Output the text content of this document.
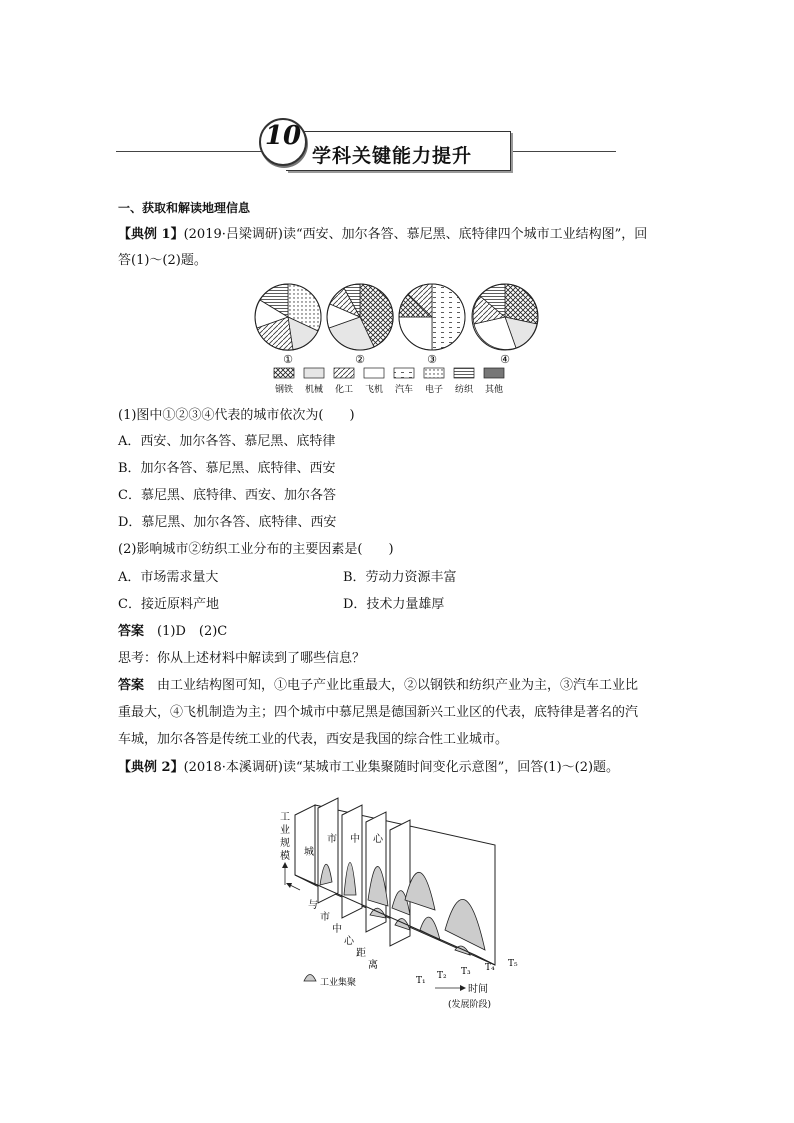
学科关键能力提升
10
一、获取和解读地理信息
【典例 1】(2019·吕梁调研)读“西安、加尔各答、慕尼黑、底特律四个城市工业结构图”，回
答(1)～(2)题。
①	②	③	④
钢铁 机械 化工 飞机 汽车 电子 纺织 其他
(1)图中①②③④代表的城市依次为(　　)
A．西安、加尔各答、慕尼黑、底特律
B．加尔各答、慕尼黑、底特律、西安
C．慕尼黑、底特律、西安、加尔各答
D．慕尼黑、加尔各答、底特律、西安
(2)影响城市②纺织工业分布的主要因素是(　　)
A．市场需求量大	B．劳动力资源丰富
C．接近原料产地	D．技术力量雄厚
答案　 (1)D　(2)C
思考：你从上述材料中解读到了哪些信息？
答案　 由工业结构图可知，①电子产业比重最大，②以钢铁和纺织产业为主，③汽车工业比
重最大，④飞机制造为主；四个城市中慕尼黑是德国新兴工业区的代表，底特律是著名的汽
车城，加尔各答是传统工业的代表，西安是我国的综合性工业城市。
【典例 2】(2018·本溪调研)读“某城市工业集聚随时间变化示意图”，回答(1)～(2)题。
工
业
规
模 城
市 中 心
与
市
中
心
距
离
T₁ T₂ T₃ T₄ T₅
时间
(发展阶段)
工业集聚
